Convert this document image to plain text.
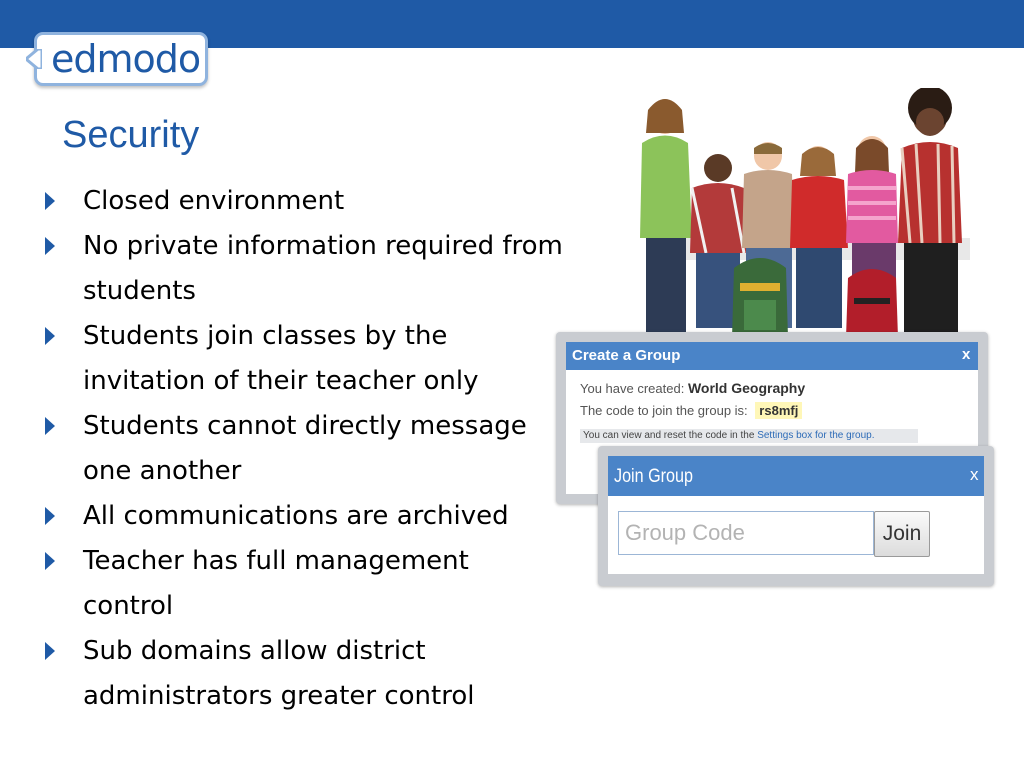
edmodo
Security
Closed environment
No private information required from students
Students join classes by the invitation of their teacher only
Students cannot directly message one another
All communications are archived
Teacher has full management control
Sub domains allow district administrators greater control
Create a Group	x
You have created: World Geography
The code to join the group is: rs8mfj
You can view and reset the code in the Settings box for the group.
Join Group	x
Group Code
Join
